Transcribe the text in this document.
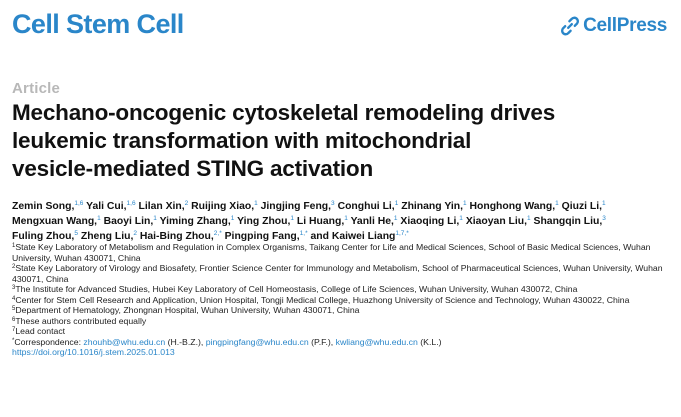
Cell Stem Cell	CellPress
Article
Mechano-oncogenic cytoskeletal remodeling drives
leukemic transformation with mitochondrial
vesicle-mediated STING activation
Zemin Song,$^{1,6}$ Yali Cui,$^{1,6}$ Lilan Xin,$^2$ Ruijing Xiao,$^1$ Jingjing Feng,$^3$ Conghui Li,$^1$ Zhinang Yin,$^1$ Honghong Wang,$^1$ Qiuzi Li,$^1$ Mengxuan Wang,$^1$ Baoyi Lin,$^1$ Yiming Zhang,$^1$ Ying Zhou,$^1$ Li Huang,$^1$ Yanli He,$^1$ Xiaoqing Li,$^1$ Xiaoyan Liu,$^1$ Shangqin Liu,$^3$ Fuling Zhou,$^5$ Zheng Liu,$^2$ Hai-Bing Zhou,$^{2,*}$ Pingping Fang,$^{1,*}$ and Kaiwei Liang$^{1,7,*}$
$^1$State Key Laboratory of Metabolism and Regulation in Complex Organisms, Taikang Center for Life and Medical Sciences, School of Basic Medical Sciences, Wuhan University, Wuhan 430071, China
$^2$State Key Laboratory of Virology and Biosafety, Frontier Science Center for Immunology and Metabolism, School of Pharmaceutical Sciences, Wuhan University, Wuhan 430071, China
$^3$The Institute for Advanced Studies, Hubei Key Laboratory of Cell Homeostasis, College of Life Sciences, Wuhan University, Wuhan 430072, China
$^4$Center for Stem Cell Research and Application, Union Hospital, Tongji Medical College, Huazhong University of Science and Technology, Wuhan 430022, China
$^5$Department of Hematology, Zhongnan Hospital, Wuhan University, Wuhan 430071, China
$^6$These authors contributed equally
$^7$Lead contact
*Correspondence: zhouhb@whu.edu.cn (H.-B.Z.), pingpingfang@whu.edu.cn (P.F.), kwliang@whu.edu.cn (K.L.)
https://doi.org/10.1016/j.stem.2025.01.013
